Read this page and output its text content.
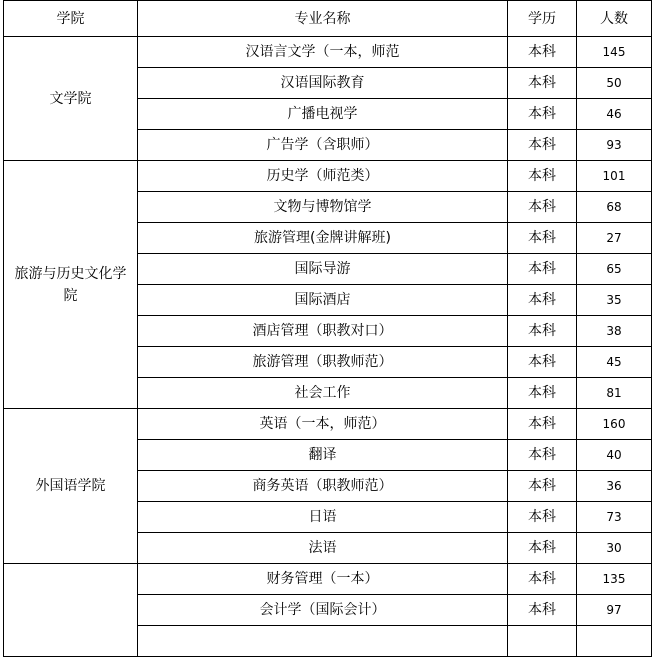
学院	专业名称	学历	人数
文学院	汉语言文学（一本，师范	本科	145
	汉语国际教育	本科	50
	广播电视学	本科	46
	广告学（含职师）	本科	93
旅游与历史文化学院	历史学（师范类）	本科	101
	文物与博物馆学	本科	68
	旅游管理(金牌讲解班)	本科	27
	国际导游	本科	65
	国际酒店	本科	35
	酒店管理（职教对口）	本科	38
	旅游管理（职教师范）	本科	45
	社会工作	本科	81
外国语学院	英语（一本，师范）	本科	160
	翻译	本科	40
	商务英语（职教师范）	本科	36
	日语	本科	73
	法语	本科	30
	财务管理（一本）	本科	135
	会计学（国际会计）	本科	97
